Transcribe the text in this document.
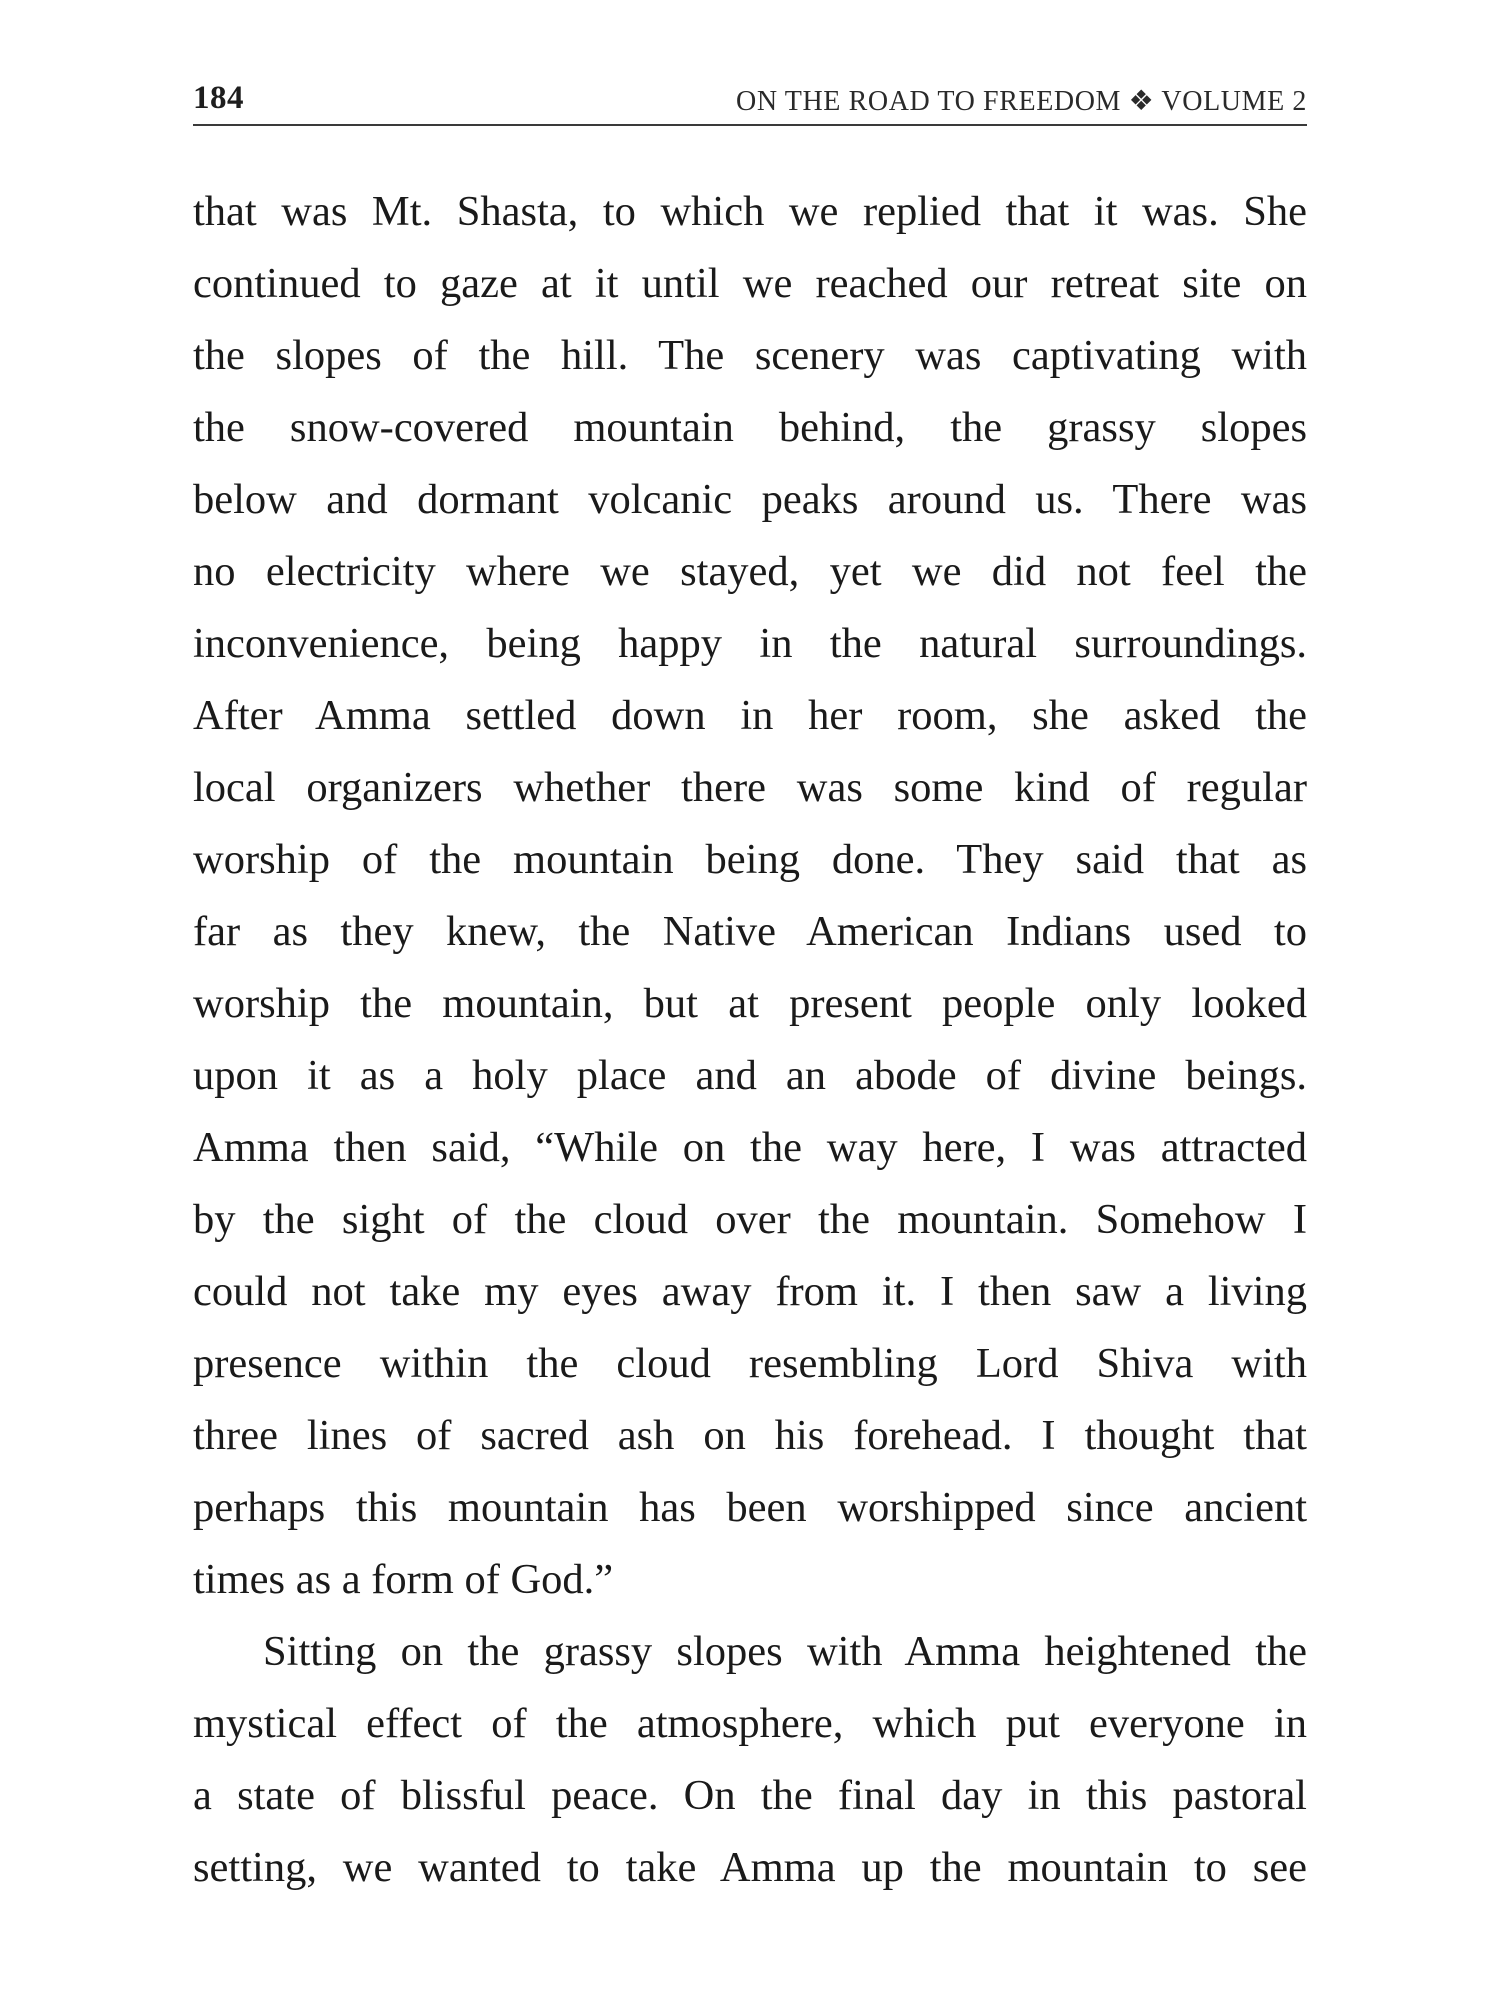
184	ON THE ROAD TO FREEDOM ❖ VOLUME 2
that was Mt. Shasta, to which we replied that it was. She
continued to gaze at it until we reached our retreat site on
the slopes of the hill. The scenery was captivating with
the snow-covered mountain behind, the grassy slopes
below and dormant volcanic peaks around us. There was
no electricity where we stayed, yet we did not feel the
inconvenience, being happy in the natural surroundings.
After Amma settled down in her room, she asked the
local organizers whether there was some kind of regular
worship of the mountain being done. They said that as
far as they knew, the Native American Indians used to
worship the mountain, but at present people only looked
upon it as a holy place and an abode of divine beings.
Amma then said, “While on the way here, I was attracted
by the sight of the cloud over the mountain. Somehow I
could not take my eyes away from it. I then saw a living
presence within the cloud resembling Lord Shiva with
three lines of sacred ash on his forehead. I thought that
perhaps this mountain has been worshipped since ancient
times as a form of God.”
Sitting on the grassy slopes with Amma heightened the
mystical effect of the atmosphere, which put everyone in
a state of blissful peace. On the final day in this pastoral
setting, we wanted to take Amma up the mountain to see
